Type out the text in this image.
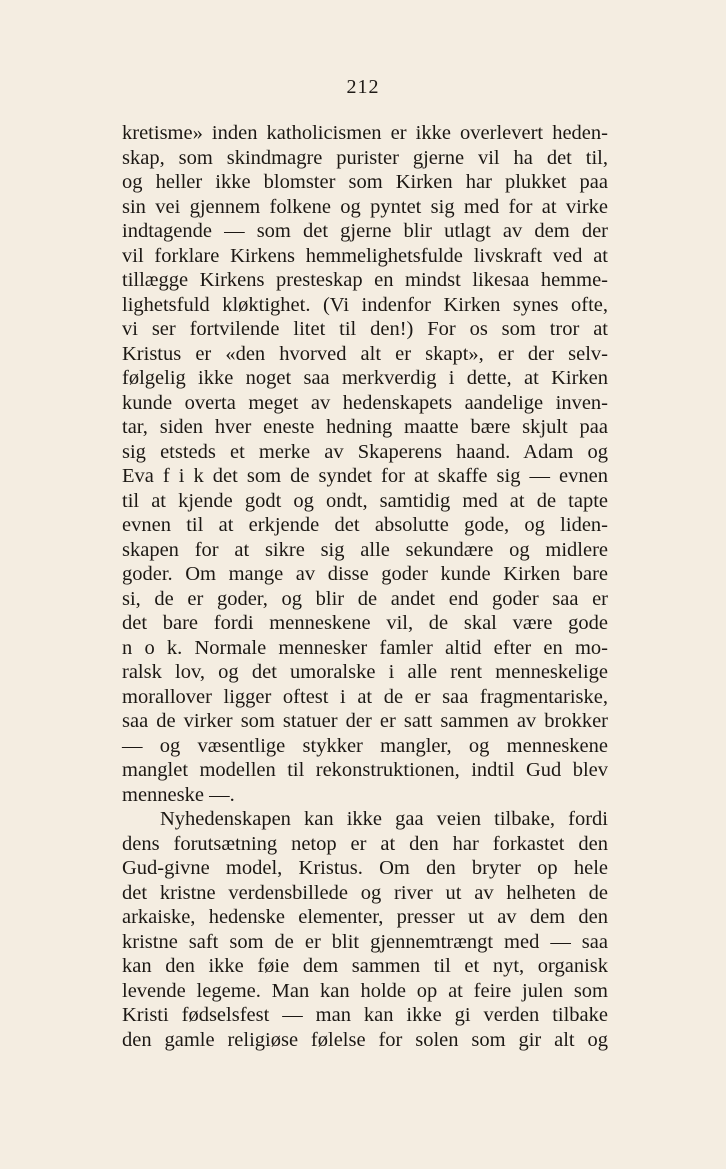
212
kretisme» inden katholicismen er ikke overlevert heden-
skap, som skindmagre purister gjerne vil ha det til,
og heller ikke blomster som Kirken har plukket paa
sin vei gjennem folkene og pyntet sig med for at virke
indtagende — som det gjerne blir utlagt av dem der
vil forklare Kirkens hemmelighetsfulde livskraft ved at
tillægge Kirkens presteskap en mindst likesaa hemme-
lighetsfuld kløktighet. (Vi indenfor Kirken synes ofte,
vi ser fortvilende litet til den!) For os som tror at
Kristus er «den hvorved alt er skapt», er der selv-
følgelig ikke noget saa merkverdig i dette, at Kirken
kunde overta meget av hedenskapets aandelige inven-
tar, siden hver eneste hedning maatte bære skjult paa
sig etsteds et merke av Skaperens haand. Adam og
Eva f i k det som de syndet for at skaffe sig — evnen
til at kjende godt og ondt, samtidig med at de tapte
evnen til at erkjende det absolutte gode, og liden-
skapen for at sikre sig alle sekundære og midlere
goder. Om mange av disse goder kunde Kirken bare
si, de er goder, og blir de andet end goder saa er
det bare fordi menneskene vil, de skal være gode
n o k. Normale mennesker famler altid efter en mo-
ralsk lov, og det umoralske i alle rent menneskelige
morallover ligger oftest i at de er saa fragmentariske,
saa de virker som statuer der er satt sammen av brokker
— og væsentlige stykker mangler, og menneskene
manglet modellen til rekonstruktionen, indtil Gud blev
menneske —.
Nyhedenskapen kan ikke gaa veien tilbake, fordi
dens forutsætning netop er at den har forkastet den
Gud-givne model, Kristus. Om den bryter op hele
det kristne verdensbillede og river ut av helheten de
arkaiske, hedenske elementer, presser ut av dem den
kristne saft som de er blit gjennemtrængt med — saa
kan den ikke føie dem sammen til et nyt, organisk
levende legeme. Man kan holde op at feire julen som
Kristi fødselsfest — man kan ikke gi verden tilbake
den gamle religiøse følelse for solen som gir alt og
